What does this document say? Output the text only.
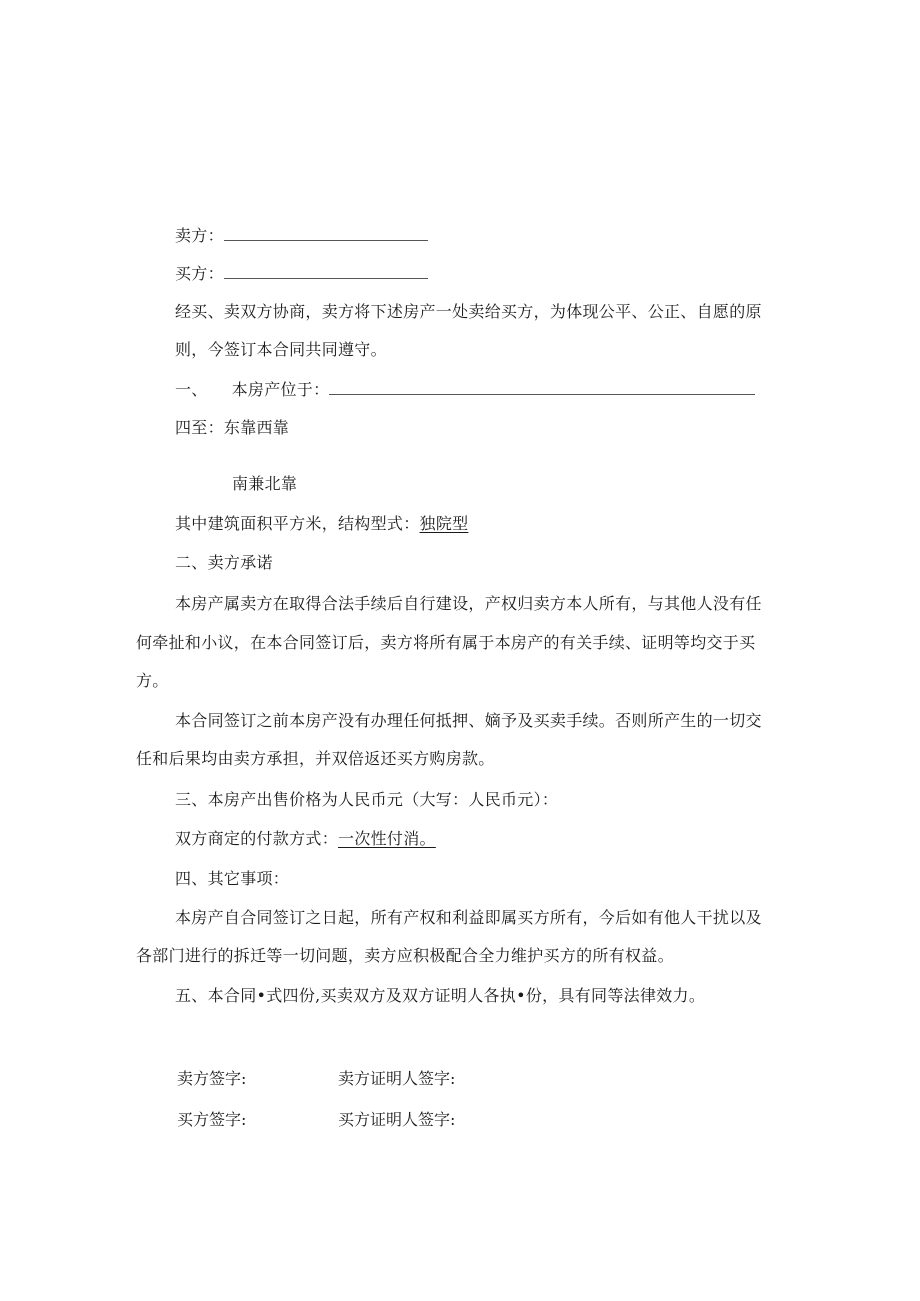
卖方：
买方：
经买、卖双方协商，卖方将下述房产一处卖给买方，为体现公平、公正、自愿的原
则，今签订本合同共同遵守。
一、 本房产位于：
四至：东靠西靠
南兼北靠
其中建筑面积平方米，结构型式：独院型
二、卖方承诺
本房产属卖方在取得合法手续后自行建设，产权归卖方本人所有，与其他人没有任
何牵扯和小议，在本合同签订后，卖方将所有属于本房产的有关手续、证明等均交于买
方。
本合同签订之前本房产没有办理任何抵押、嫡予及买卖手续。否则所产生的一切交
任和后果均由卖方承担，并双倍返还买方购房款。
三、本房产出售价格为人民币元（大写：人民币元）：
双方商定的付款方式：一次性付消。
四、其它事项：
本房产自合同签订之日起，所有产权和利益即属买方所有，今后如有他人干扰以及
各部门进行的拆迁等一切问题，卖方应积极配合全力维护买方的所有权益。
五、本合同•式四份,买卖双方及双方证明人各执•份，具有同等法律效力。
卖方签字:	卖方证明人签字:
买方签字:	买方证明人签字:
